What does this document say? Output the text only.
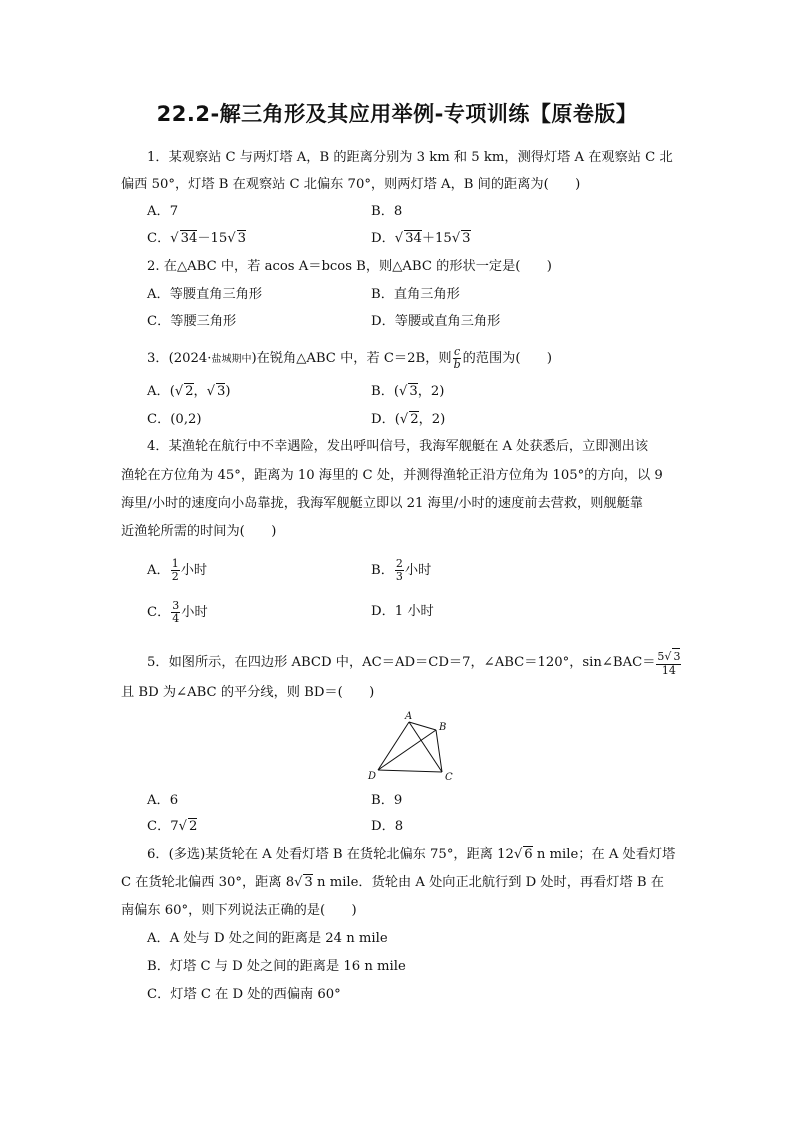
22.2-解三角形及其应用举例-专项训练【原卷版】
1．某观察站 C 与两灯塔 A，B 的距离分别为 3 km 和 5 km，测得灯塔 A 在观察站 C 北
偏西 50°，灯塔 B 在观察站 C 北偏东 70°，则两灯塔 A，B 间的距离为(　　)
A．7	B．8
C．√ 34－15√ 3	D．√ 34＋15√ 3
2. 在△ABC 中，若 acos A＝bcos B，则△ABC 的形状一定是(　　)
A．等腰直角三角形	B．直角三角形
C．等腰三角形	D．等腰或直角三角形
3．(2024·盐城期中)在锐角△ABC 中，若 C＝2B，则 $\frac{c}{b}$ 的范围为(　　)
A．(√ 2，√ 3)	B．(√ 3，2)
C．(0,2)	D．(√ 2，2)
4．某渔轮在航行中不幸遇险，发出呼叫信号，我海军舰艇在 A 处获悉后，立即测出该
渔轮在方位角为 45°，距离为 10 海里的 C 处，并测得渔轮正沿方位角为 105°的方向，以 9
海里/小时的速度向小岛靠拢，我海军舰艇立即以 21 海里/小时的速度前去营救，则舰艇靠
近渔轮所需的时间为(　　)
A． $\frac{1}{2}$ 小时	B． $\frac{2}{3}$ 小时
C． $\frac{3}{4}$ 小时	D．1 小时
5．如图所示，在四边形 ABCD 中，AC＝AD＝CD＝7，∠ABC＝120°，sin∠BAC＝ $\frac{5√ 3}{14}$
且 BD 为∠ABC 的平分线，则 BD＝(　　)
A
B
C
D
A．6	B．9
C．7√ 2	D．8
6．(多选)某货轮在 A 处看灯塔 B 在货轮北偏东 75°，距离 12√ 6 n mile；在 A 处看灯塔
C 在货轮北偏西 30°，距离 8√ 3 n mile．货轮由 A 处向正北航行到 D 处时，再看灯塔 B 在
南偏东 60°，则下列说法正确的是(　　)
A．A 处与 D 处之间的距离是 24 n mile
B．灯塔 C 与 D 处之间的距离是 16 n mile
C．灯塔 C 在 D 处的西偏南 60°
